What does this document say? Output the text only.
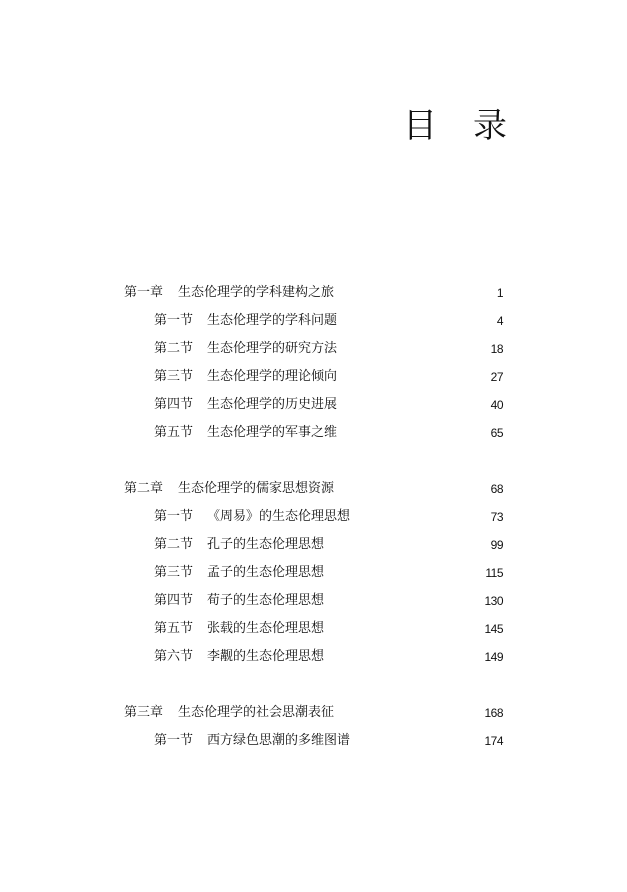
目录
第一章 生态伦理学的学科建构之旅	1
第一节 生态伦理学的学科问题	4
第二节 生态伦理学的研究方法	18
第三节 生态伦理学的理论倾向	27
第四节 生态伦理学的历史进展	40
第五节 生态伦理学的军事之维	65
第二章 生态伦理学的儒家思想资源	68
第一节 《周易》的生态伦理思想	73
第二节 孔子的生态伦理思想	99
第三节 孟子的生态伦理思想	115
第四节 荀子的生态伦理思想	130
第五节 张载的生态伦理思想	145
第六节 李觏的生态伦理思想	149
第三章 生态伦理学的社会思潮表征	168
第一节 西方绿色思潮的多维图谱	174
